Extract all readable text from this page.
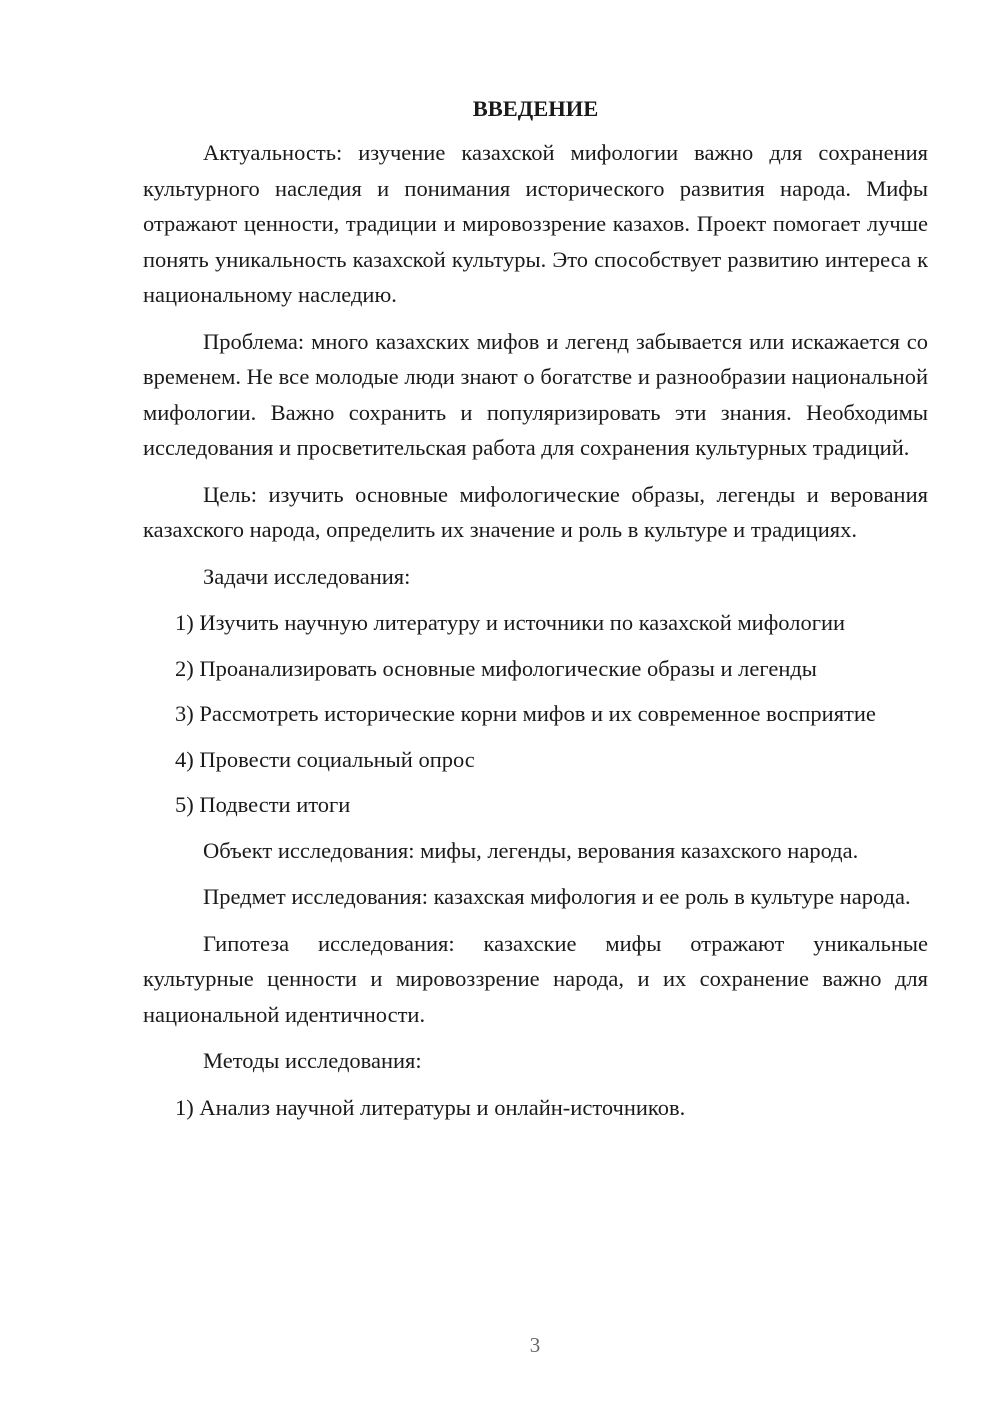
ВВЕДЕНИЕ

Актуальность: изучение казахской мифологии важно для сохранения культурного наследия и понимания исторического развития народа. Мифы отражают ценности, традиции и мировоззрение казахов. Проект помогает лучше понять уникальность казахской культуры. Это способствует развитию интереса к национальному наследию.

Проблема: много казахских мифов и легенд забывается или искажается со временем. Не все молодые люди знают о богатстве и разнообразии национальной мифологии. Важно сохранить и популяризировать эти знания. Необходимы исследования и просветительская работа для сохранения культурных традиций.

Цель: изучить основные мифологические образы, легенды и верования казахского народа, определить их значение и роль в культуре и традициях.

Задачи исследования:

1) Изучить научную литературу и источники по казахской мифологии

2) Проанализировать основные мифологические образы и легенды

3) Рассмотреть исторические корни мифов и их современное восприятие

4) Провести социальный опрос

5) Подвести итоги

Объект исследования: мифы, легенды, верования казахского народа.

Предмет исследования: казахская мифология и ее роль в культуре народа.

Гипотеза исследования: казахские мифы отражают уникальные культурные ценности и мировоззрение народа, и их сохранение важно для национальной идентичности.

Методы исследования:

1) Анализ научной литературы и онлайн-источников.

3
